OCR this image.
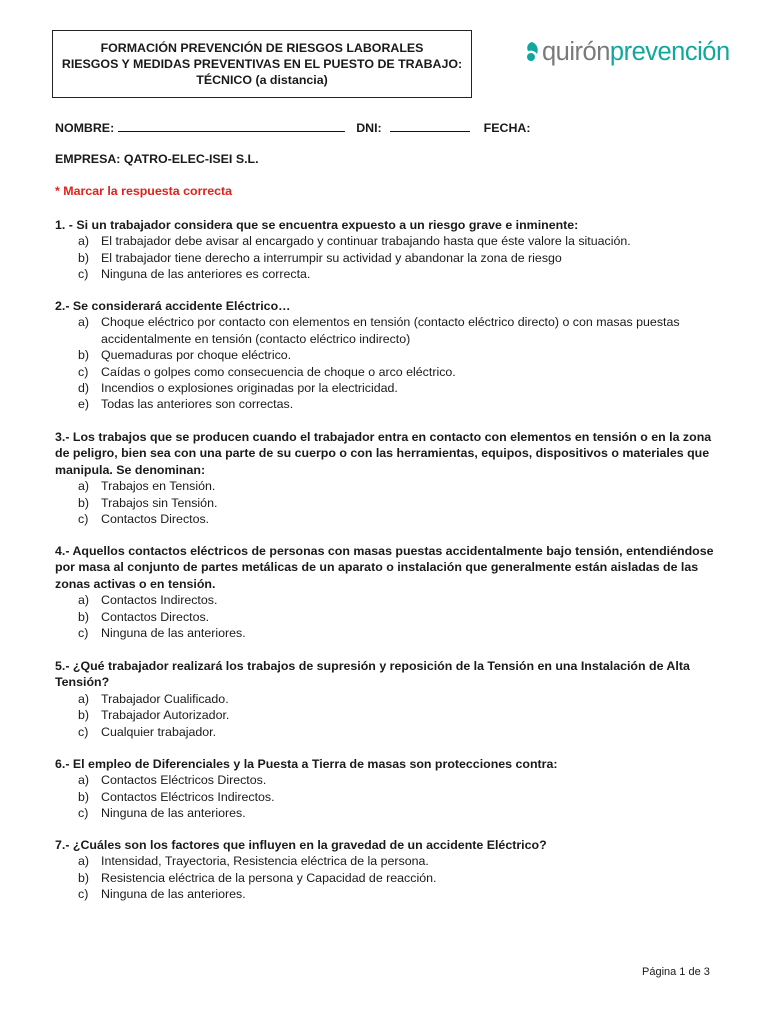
FORMACIÓN PREVENCIÓN DE RIESGOS LABORALES
RIESGOS Y MEDIDAS PREVENTIVAS EN EL PUESTO DE TRABAJO:
TÉCNICO (a distancia)
quirónprevención
NOMBRE:	DNI:	FECHA:
EMPRESA: QATRO-ELEC-ISEI S.L.
* Marcar la respuesta correcta
1. - Si un trabajador considera que se encuentra expuesto a un riesgo grave e inminente:
a) El trabajador debe avisar al encargado y continuar trabajando hasta que éste valore la situación.
b) El trabajador tiene derecho a interrumpir su actividad y abandonar la zona de riesgo
c)	Ninguna de las anteriores es correcta.
2.- Se considerará accidente Eléctrico…
a) Choque eléctrico por contacto con elementos en tensión (contacto eléctrico directo) o con masas puestas accidentalmente en tensión (contacto eléctrico indirecto)
b) Quemaduras por choque eléctrico.
c)	Caídas o golpes como consecuencia de choque o arco eléctrico.
d) Incendios o explosiones originadas por la electricidad.
e) Todas las anteriores son correctas.
3.- Los trabajos que se producen cuando el trabajador entra en contacto con elementos en tensión o en la zona de peligro, bien sea con una parte de su cuerpo o con las herramientas, equipos, dispositivos o materiales que manipula. Se denominan:
a) Trabajos en Tensión.
b) Trabajos sin Tensión.
c)	Contactos Directos.
4.- Aquellos contactos eléctricos de personas con masas puestas accidentalmente bajo tensión, entendiéndose por masa al conjunto de partes metálicas de un aparato o instalación que generalmente están aisladas de las zonas activas o en tensión.
a) Contactos Indirectos.
b) Contactos Directos.
c)	Ninguna de las anteriores.
5.- ¿Qué trabajador realizará los trabajos de supresión y reposición de la Tensión en una Instalación de Alta Tensión?
a) Trabajador Cualificado.
b) Trabajador Autorizador.
c)	Cualquier trabajador.
6.- El empleo de Diferenciales y la Puesta a Tierra de masas son protecciones contra:
a) Contactos Eléctricos Directos.
b) Contactos Eléctricos Indirectos.
c)	Ninguna de las anteriores.
7.- ¿Cuáles son los factores que influyen en la gravedad de un accidente Eléctrico?
a) Intensidad, Trayectoria, Resistencia eléctrica de la persona.
b) Resistencia eléctrica de la persona y Capacidad de reacción.
c)	Ninguna de las anteriores.
Página 1 de 3
